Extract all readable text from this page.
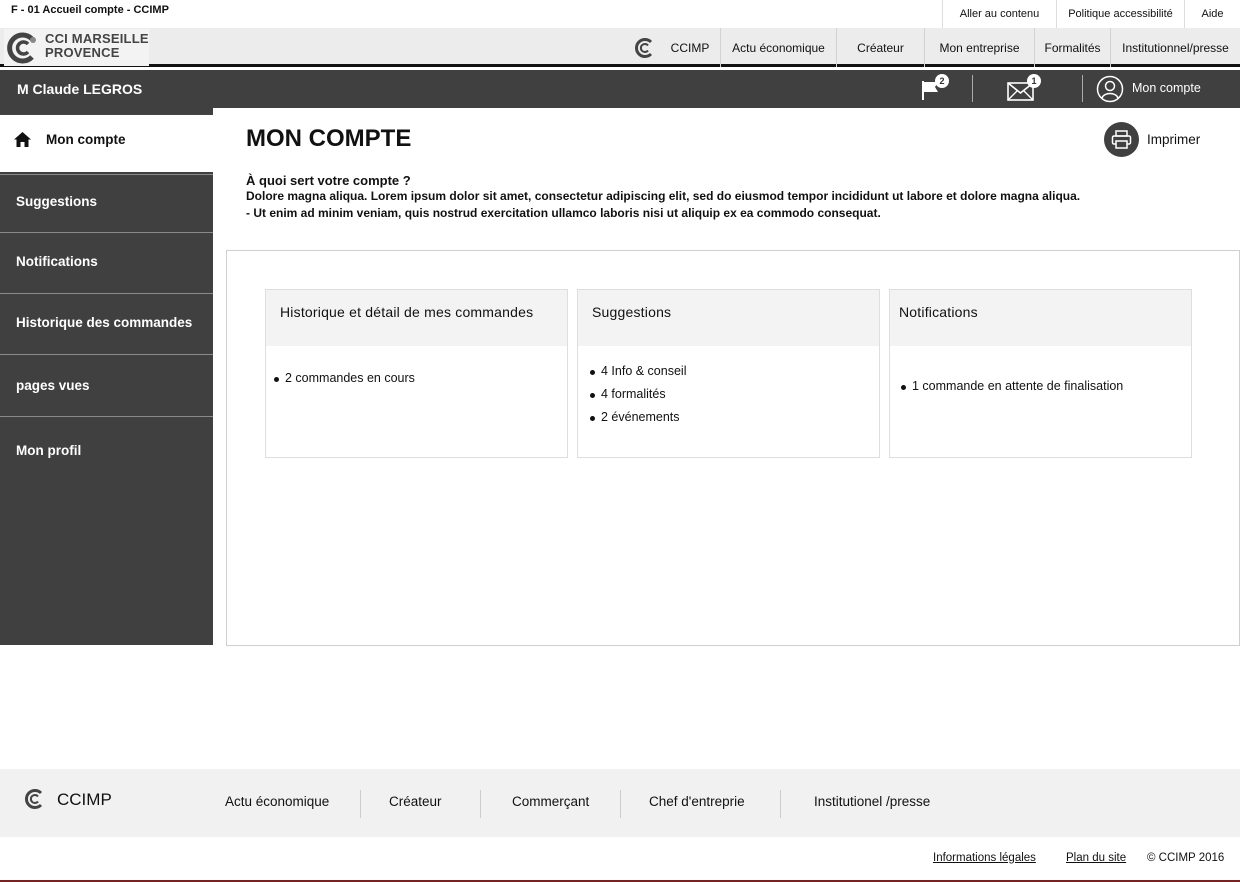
F - 01 Accueil compte - CCIMP	Aller au contenu	Politique accessibilité	Aide
CCI MARSEILLE
PROVENCE	CCIMP	Actu économique	Créateur	Mon entreprise	Formalités	Institutionnel/presse
M Claude LEGROS	2	1	Mon compte
Mon compte
Suggestions
Notifications
Historique des commandes
pages vues
Mon profil
MON COMPTE	Imprimer
À quoi sert votre compte ?
Dolore magna aliqua. Lorem ipsum dolor sit amet, consectetur adipiscing elit, sed do eiusmod tempor incididunt ut labore et dolore magna aliqua.
- Ut enim ad minim veniam, quis nostrud exercitation ullamco laboris nisi ut aliquip ex ea commodo consequat.
Historique et détail de mes commandes
2 commandes en cours
Suggestions
4 Info & conseil
4 formalités
2 événements
Notifications
1 commande en attente de finalisation
CCIMP	Actu économique	Créateur	Commerçant	Chef d'entreprie	Institutionel /presse
Informations légales	Plan du site © CCIMP 2016
